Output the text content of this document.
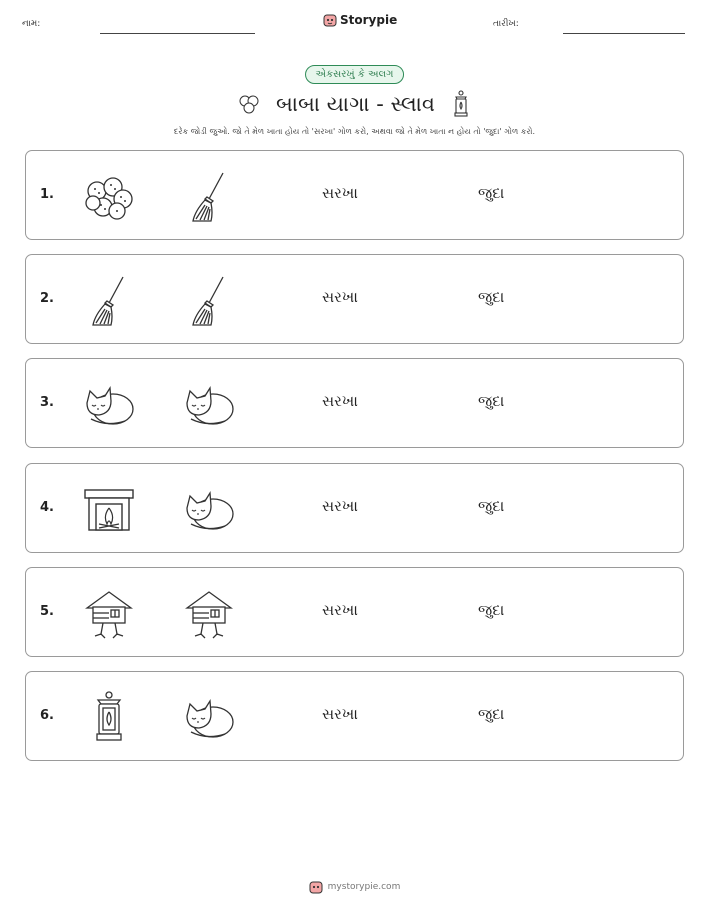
નામ:	Storypie	તારીખ:
એકસરખું કે અલગ
બાબા યાગા - સ્લાવ
દરેક જોડી જુઓ. જો તે મેળ ખાતા હોય તો 'સરખા' ગોળ કરો, અથવા જો તે મેળ ખાતા ન હોય તો 'જુદા' ગોળ કરો.
1.	સરખા	જુદા
2.	સરખા	જુદા
3.	સરખા	જુદા
4.	સરખા	જુદા
5.	સરખા	જુદા
6.	સરખા	જુદા
mystorypie.com
